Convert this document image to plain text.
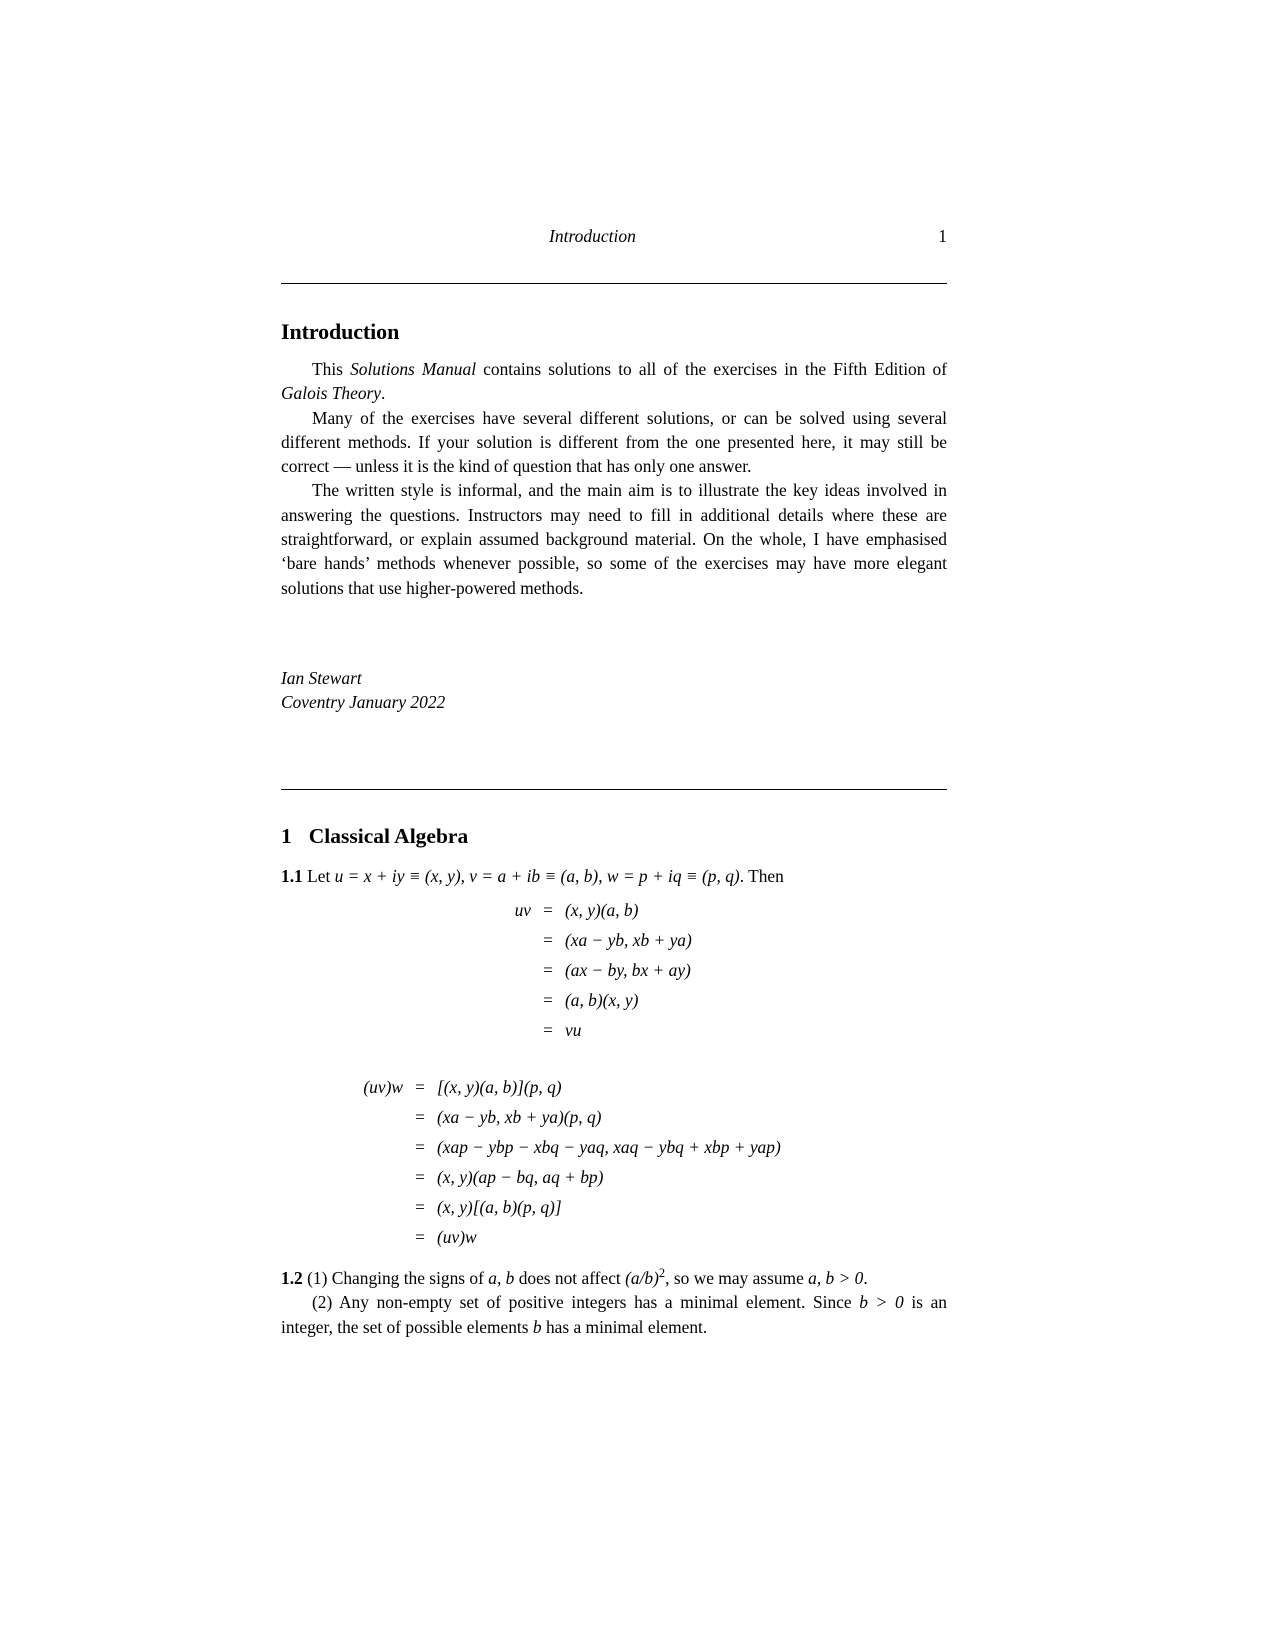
Introduction	1
Introduction

This Solutions Manual contains solutions to all of the exercises in the Fifth Edition of Galois Theory.

Many of the exercises have several different solutions, or can be solved using several different methods. If your solution is different from the one presented here, it may still be correct — unless it is the kind of question that has only one answer.

The written style is informal, and the main aim is to illustrate the key ideas involved in answering the questions. Instructors may need to fill in additional details where these are straightforward, or explain assumed background material. On the whole, I have emphasised ‘bare hands’ methods whenever possible, so some of the exercises may have more elegant solutions that use higher-powered methods.

Ian Stewart
Coventry January 2022
1 Classical Algebra

1.1 Let u = x + iy ≡ (x, y), v = a + ib ≡ (a, b), w = p + iq ≡ (p, q). Then

uv = (x, y)(a, b)
= (xa − yb, xb + ya)
= (ax − by, bx + ay)
= (a, b)(x, y)
= vu
(uv)w = [(x, y)(a, b)](p, q)
= (xa − yb, xb + ya)(p, q)
= (xap − ybp − xbq − yaq, xaq − ybq + xbp + yap)
= (x, y)(ap − bq, aq + bp)
= (x, y)[(a, b)(p, q)]
= (uv)w

1.2 (1) Changing the signs of a, b does not affect $(a/b)^2$, so we may assume a, b > 0.

(2) Any non-empty set of positive integers has a minimal element. Since b > 0 is an integer, the set of possible elements b has a minimal element.
